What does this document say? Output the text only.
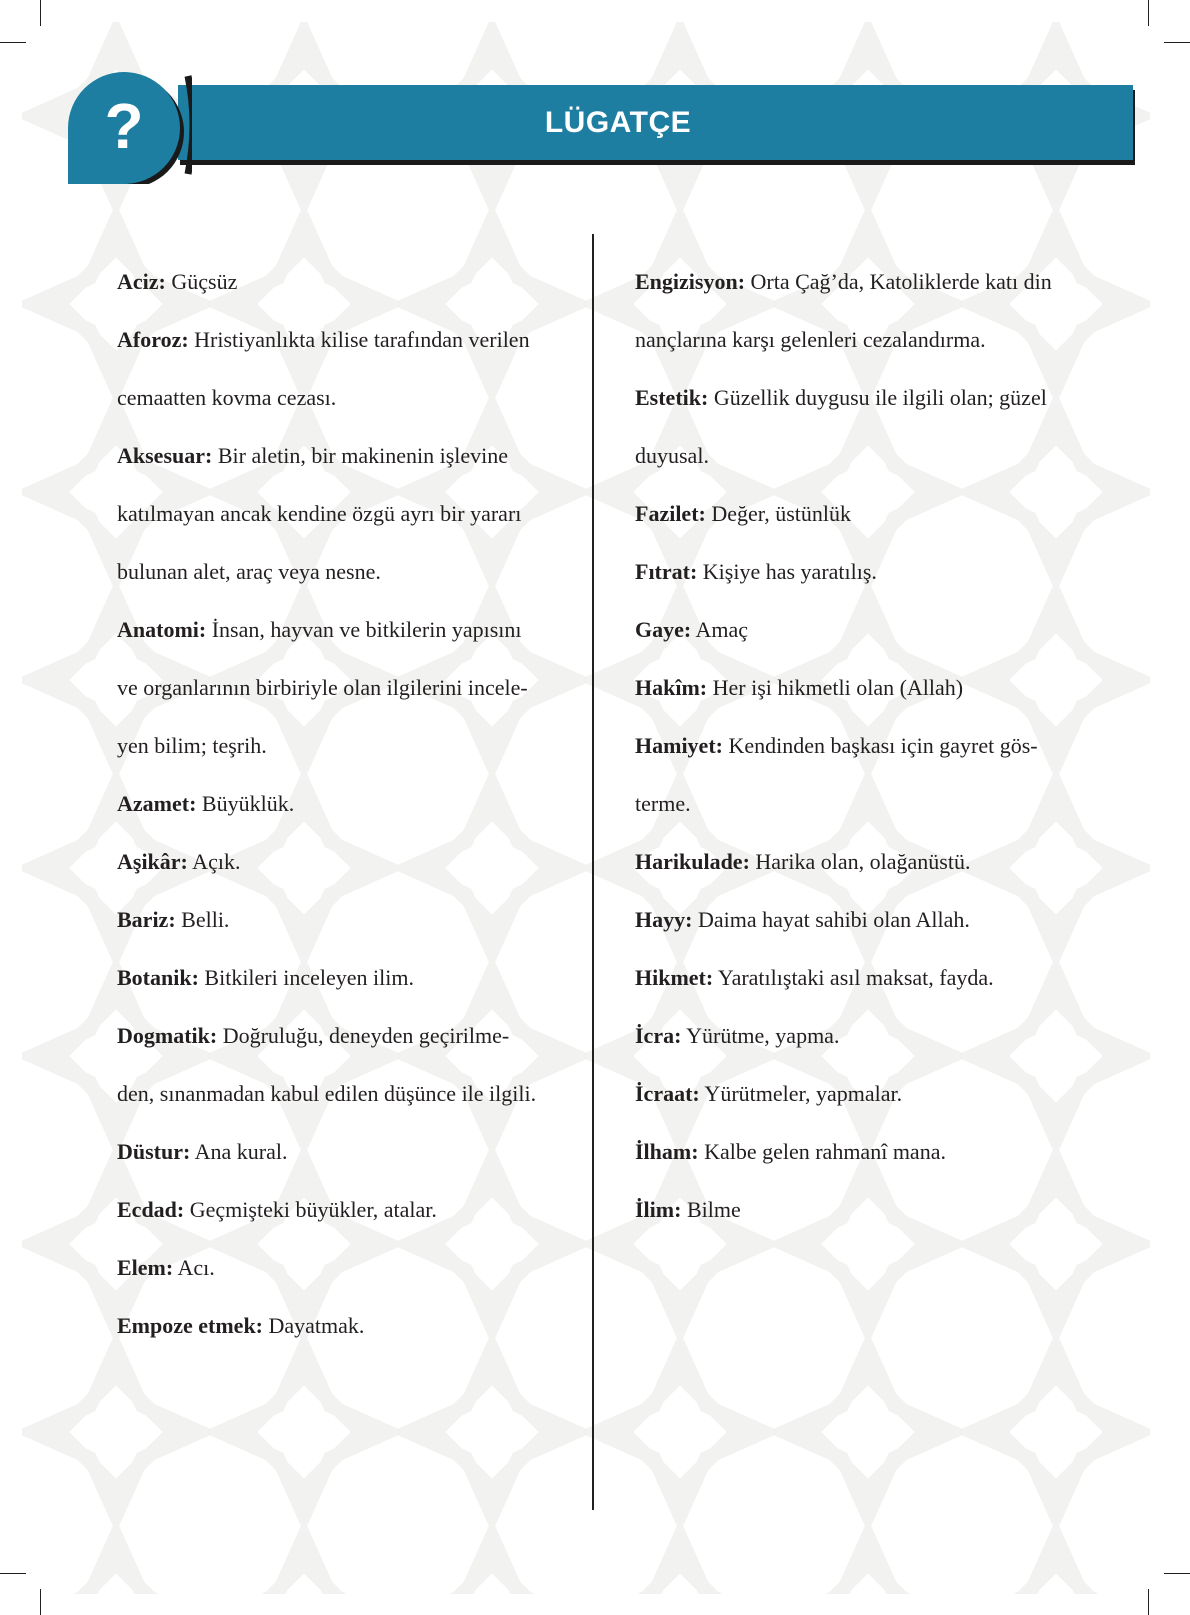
LÜGATÇE
?
Aciz: Güçsüz
Aforoz: Hristiyanlıkta kilise tarafından verilen
cemaatten kovma cezası.
Aksesuar: Bir aletin, bir makinenin işlevine
katılmayan ancak kendine özgü ayrı bir yararı
bulunan alet, araç veya nesne.
Anatomi: İnsan, hayvan ve bitkilerin yapısını
ve organlarının birbiriyle olan ilgilerini incele-
yen bilim; teşrih.
Azamet: Büyüklük.
Aşikâr: Açık.
Bariz: Belli.
Botanik: Bitkileri inceleyen ilim.
Dogmatik: Doğruluğu, deneyden geçirilme-
den, sınanmadan kabul edilen düşünce ile ilgili.
Düstur: Ana kural.
Ecdad: Geçmişteki büyükler, atalar.
Elem: Acı.
Empoze etmek: Dayatmak.
Engizisyon: Orta Çağ’da, Katoliklerde katı din
nançlarına karşı gelenleri cezalandırma.
Estetik: Güzellik duygusu ile ilgili olan; güzel
duyusal.
Fazilet: Değer, üstünlük
Fıtrat: Kişiye has yaratılış.
Gaye: Amaç
Hakîm: Her işi hikmetli olan (Allah)
Hamiyet: Kendinden başkası için gayret gös-
terme.
Harikulade: Harika olan, olağanüstü.
Hayy: Daima hayat sahibi olan Allah.
Hikmet: Yaratılıştaki asıl maksat, fayda.
İcra: Yürütme, yapma.
İcraat: Yürütmeler, yapmalar.
İlham: Kalbe gelen rahmanî mana.
İlim: Bilme
